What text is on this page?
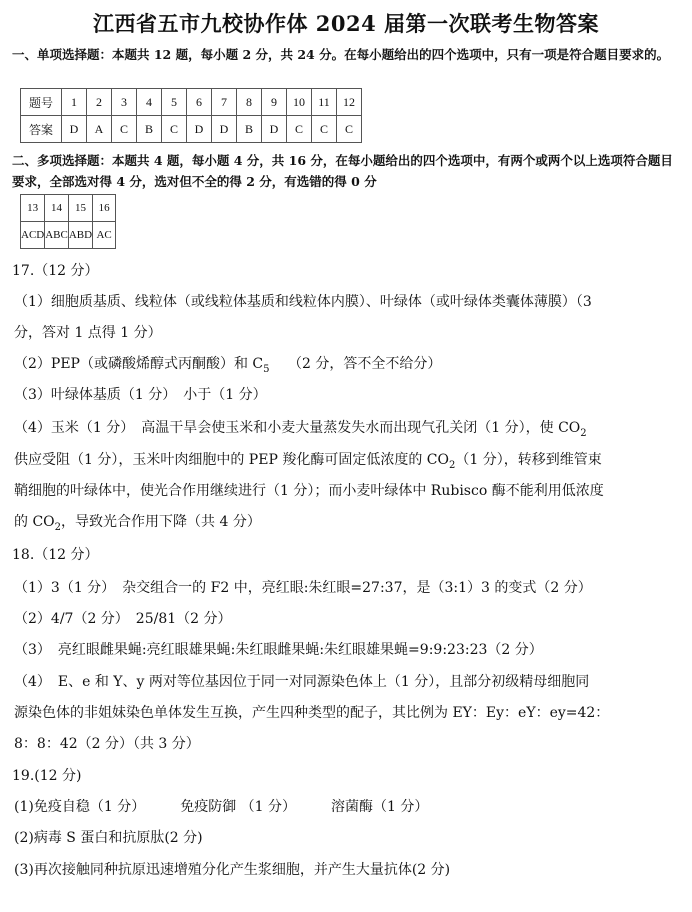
江西省五市九校协作体 2024 届第一次联考生物答案
一、单项选择题：本题共 12 题，每小题 2 分，共 24 分。在每小题给出的四个选项中，只有一项是符合题目要求的。
题号	1	2	3	4	5	6	7	8	9	10	11	12
答案	D	A	C	B	C	D	D	B	D	C	C	C
二、多项选择题：本题共 4 题，每小题 4 分，共 16 分，在每小题给出的四个选项中，有两个或两个以上选项符合题目要求，全部选对得 4 分，选对但不全的得 2 分，有选错的得 0 分
13	14	15	16
ACD	ABC	ABD	AC
17.（12 分）
（1）细胞质基质、线粒体（或线粒体基质和线粒体内膜）、叶绿体（或叶绿体类囊体薄膜）（3
分，答对 1 点得 1 分）
（2）PEP（或磷酸烯醇式丙酮酸）和 $C_5$　 （2 分，答不全不给分）
（3）叶绿体基质（1 分）　小于（1 分）
（4）玉米（1 分）　高温干旱会使玉米和小麦大量蒸发失水而出现气孔关闭（1 分），使 $CO_2$
供应受阻（1 分），玉米叶肉细胞中的 PEP 羧化酶可固定低浓度的 $CO_2(1$ 分），转移到维管束
鞘细胞的叶绿体中，使光合作用继续进行（1 分）；而小麦叶绿体中 Rubisco 酶不能利用低浓度
的 $CO_2$，导致光合作用下降（共 4 分）
18.（12 分）
（1）3（1 分）　杂交组合一的 F2 中，亮红眼:朱红眼=27:37，是（3:1）3 的变式（2 分）
（2）4/7（2 分）　25/81（2 分）
（3）　亮红眼雌果蝇:亮红眼雄果蝇:朱红眼雌果蝇:朱红眼雄果蝇=9:9:23:23（2 分）
（4）　E、e 和 Y、y 两对等位基因位于同一对同源染色体上（1 分），且部分初级精母细胞同
源染色体的非姐妹染色单体发生互换，产生四种类型的配子，其比例为 EY：Ey：eY：ey=42：
8：8：42（2 分）（共 3 分）
19.(12 分)
(1)免疫自稳（1 分）　　　免疫防御 （1 分）　　　溶菌酶（1 分）
(2)病毒 S 蛋白和抗原肽(2 分)
(3)再次接触同种抗原迅速增殖分化产生浆细胞，并产生大量抗体(2 分)
